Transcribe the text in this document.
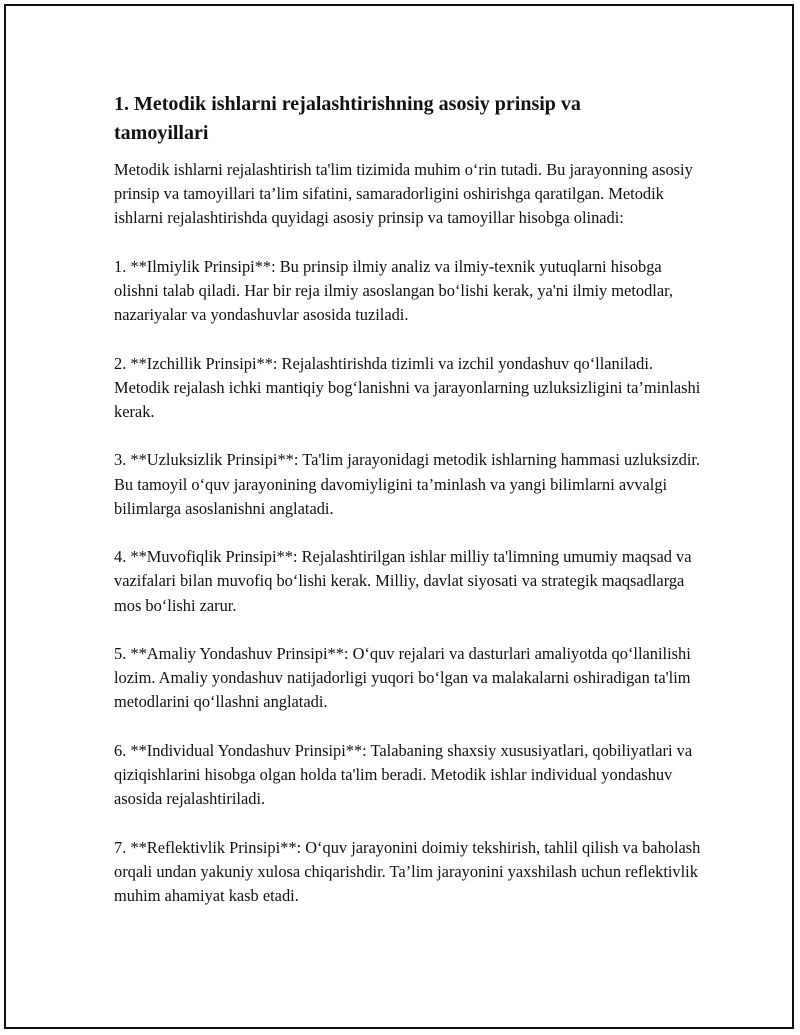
1. Metodik ishlarni rejalashtirishning asosiy prinsip va tamoyillari

Metodik ishlarni rejalashtirish ta'lim tizimida muhim oʻrin tutadi. Bu jarayonning asosiy prinsip va tamoyillari ta’lim sifatini, samaradorligini oshirishga qaratilgan. Metodik ishlarni rejalashtirishda quyidagi asosiy prinsip va tamoyillar hisobga olinadi:

1. **Ilmiylik Prinsipi**: Bu prinsip ilmiy analiz va ilmiy-texnik yutuqlarni hisobga olishni talab qiladi. Har bir reja ilmiy asoslangan boʻlishi kerak, ya'ni ilmiy metodlar, nazariyalar va yondashuvlar asosida tuziladi.

2. **Izchillik Prinsipi**: Rejalashtirishda tizimli va izchil yondashuv qoʻllaniladi. Metodik rejalash ichki mantiqiy bogʻlanishni va jarayonlarning uzluksizligini ta’minlashi kerak.

3. **Uzluksizlik Prinsipi**: Ta'lim jarayonidagi metodik ishlarning hammasi uzluksizdir. Bu tamoyil oʻquv jarayonining davomiyligini ta’minlash va yangi bilimlarni avvalgi bilimlarga asoslanishni anglatadi.

4. **Muvofiqlik Prinsipi**: Rejalashtirilgan ishlar milliy ta'limning umumiy maqsad va vazifalari bilan muvofiq boʻlishi kerak. Milliy, davlat siyosati va strategik maqsadlarga mos boʻlishi zarur.

5. **Amaliy Yondashuv Prinsipi**: Oʻquv rejalari va dasturlari amaliyotda qoʻllanilishi lozim. Amaliy yondashuv natijadorligi yuqori boʻlgan va malakalarni oshiradigan ta'lim metodlarini qoʻllashni anglatadi.

6. **Individual Yondashuv Prinsipi**: Talabaning shaxsiy xususiyatlari, qobiliyatlari va qiziqishlarini hisobga olgan holda ta'lim beradi. Metodik ishlar individual yondashuv asosida rejalashtiriladi.

7. **Reflektivlik Prinsipi**: Oʻquv jarayonini doimiy tekshirish, tahlil qilish va baholash orqali undan yakuniy xulosa chiqarishdir. Ta’lim jarayonini yaxshilash uchun reflektivlik muhim ahamiyat kasb etadi.
